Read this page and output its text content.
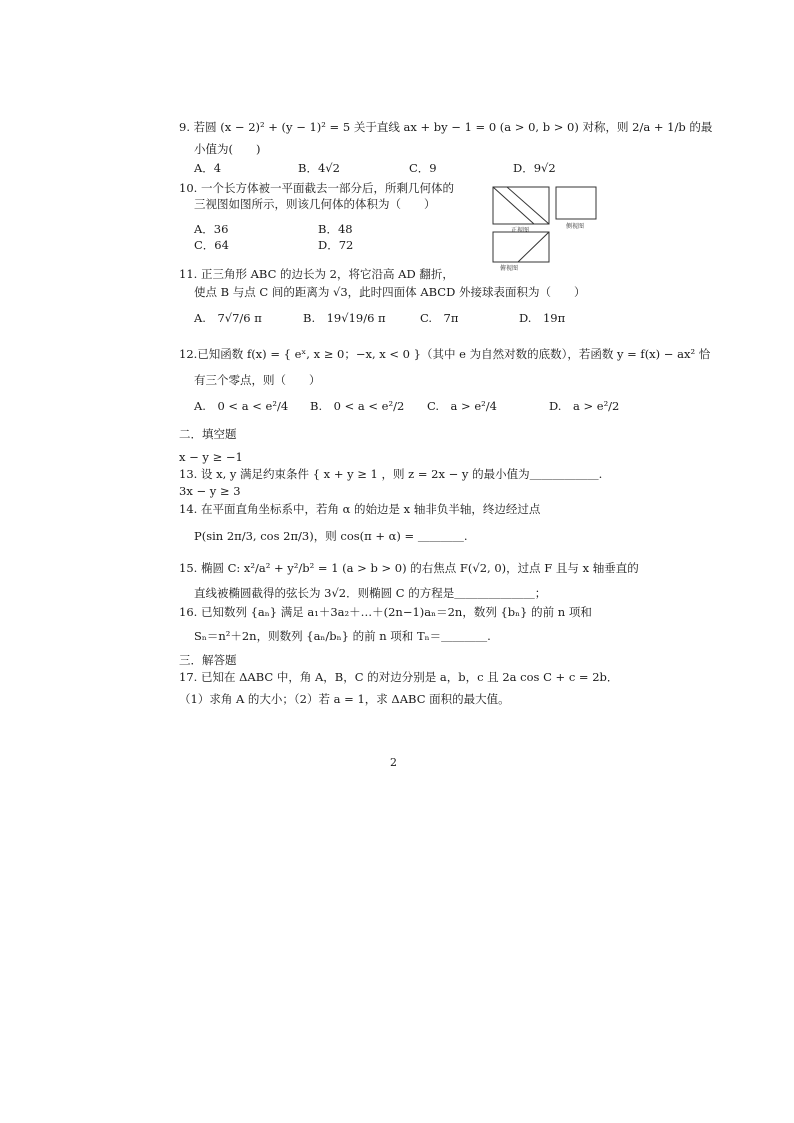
9. 若圆 (x − 2)² + (y − 1)² = 5 关于直线 ax + by − 1 = 0 (a > 0, b > 0) 对称，则 2/a + 1/b 的最
小值为(　　)
A．4	B．4√2	C．9	D．9√2
10. 一个长方体被一平面截去一部分后，所剩几何体的
三视图如图所示，则该几何体的体积为（　　）
A．36	B．48
C．64	D．72
正视图
侧视图
俯视图
11. 正三角形 ABC 的边长为 2，将它沿高 AD 翻折，
使点 B 与点 C 间的距离为 √3，此时四面体 ABCD 外接球表面积为（　　）
A.　7√7/6 π	B.　19√19/6 π	C.　7π	D.　19π
12.已知函数 f(x) = { eˣ, x ≥ 0；−x, x < 0 }（其中 e 为自然对数的底数），若函数 y = f(x) − ax² 恰
有三个零点，则（　　）
A.　0 < a < e²/4 B.　0 < a < e²/2 C.　a > e²/4	D.　a > e²/2
二．填空题
x − y ≥ −1
13. 设 x, y 满足约束条件 { x + y ≥ 1 ，则 z = 2x − y 的最小值为＿＿＿＿＿＿.
3x − y ≥ 3
14. 在平面直角坐标系中，若角 α 的始边是 x 轴非负半轴，终边经过点
P(sin 2π/3, cos 2π/3)，则 cos(π + α) = ＿＿＿＿.
15. 椭圆 C: x²/a² + y²/b² = 1 (a > b > 0) 的右焦点 F(√2, 0)，过点 F 且与 x 轴垂直的
直线被椭圆截得的弦长为 3√2．则椭圆 C 的方程是＿＿＿＿＿＿＿；
16. 已知数列 {aₙ} 满足 a₁＋3a₂＋…＋(2n−1)aₙ＝2n，数列 {bₙ} 的前 n 项和
Sₙ＝n²＋2n，则数列 {aₙ/bₙ} 的前 n 项和 Tₙ＝＿＿＿＿.
三．解答题
17. 已知在 ΔABC 中，角 A，B，C 的对边分别是 a，b，c 且 2a cos C + c = 2b．
（1）求角 A 的大小；（2）若 a = 1，求 ΔABC 面积的最大值。
2
